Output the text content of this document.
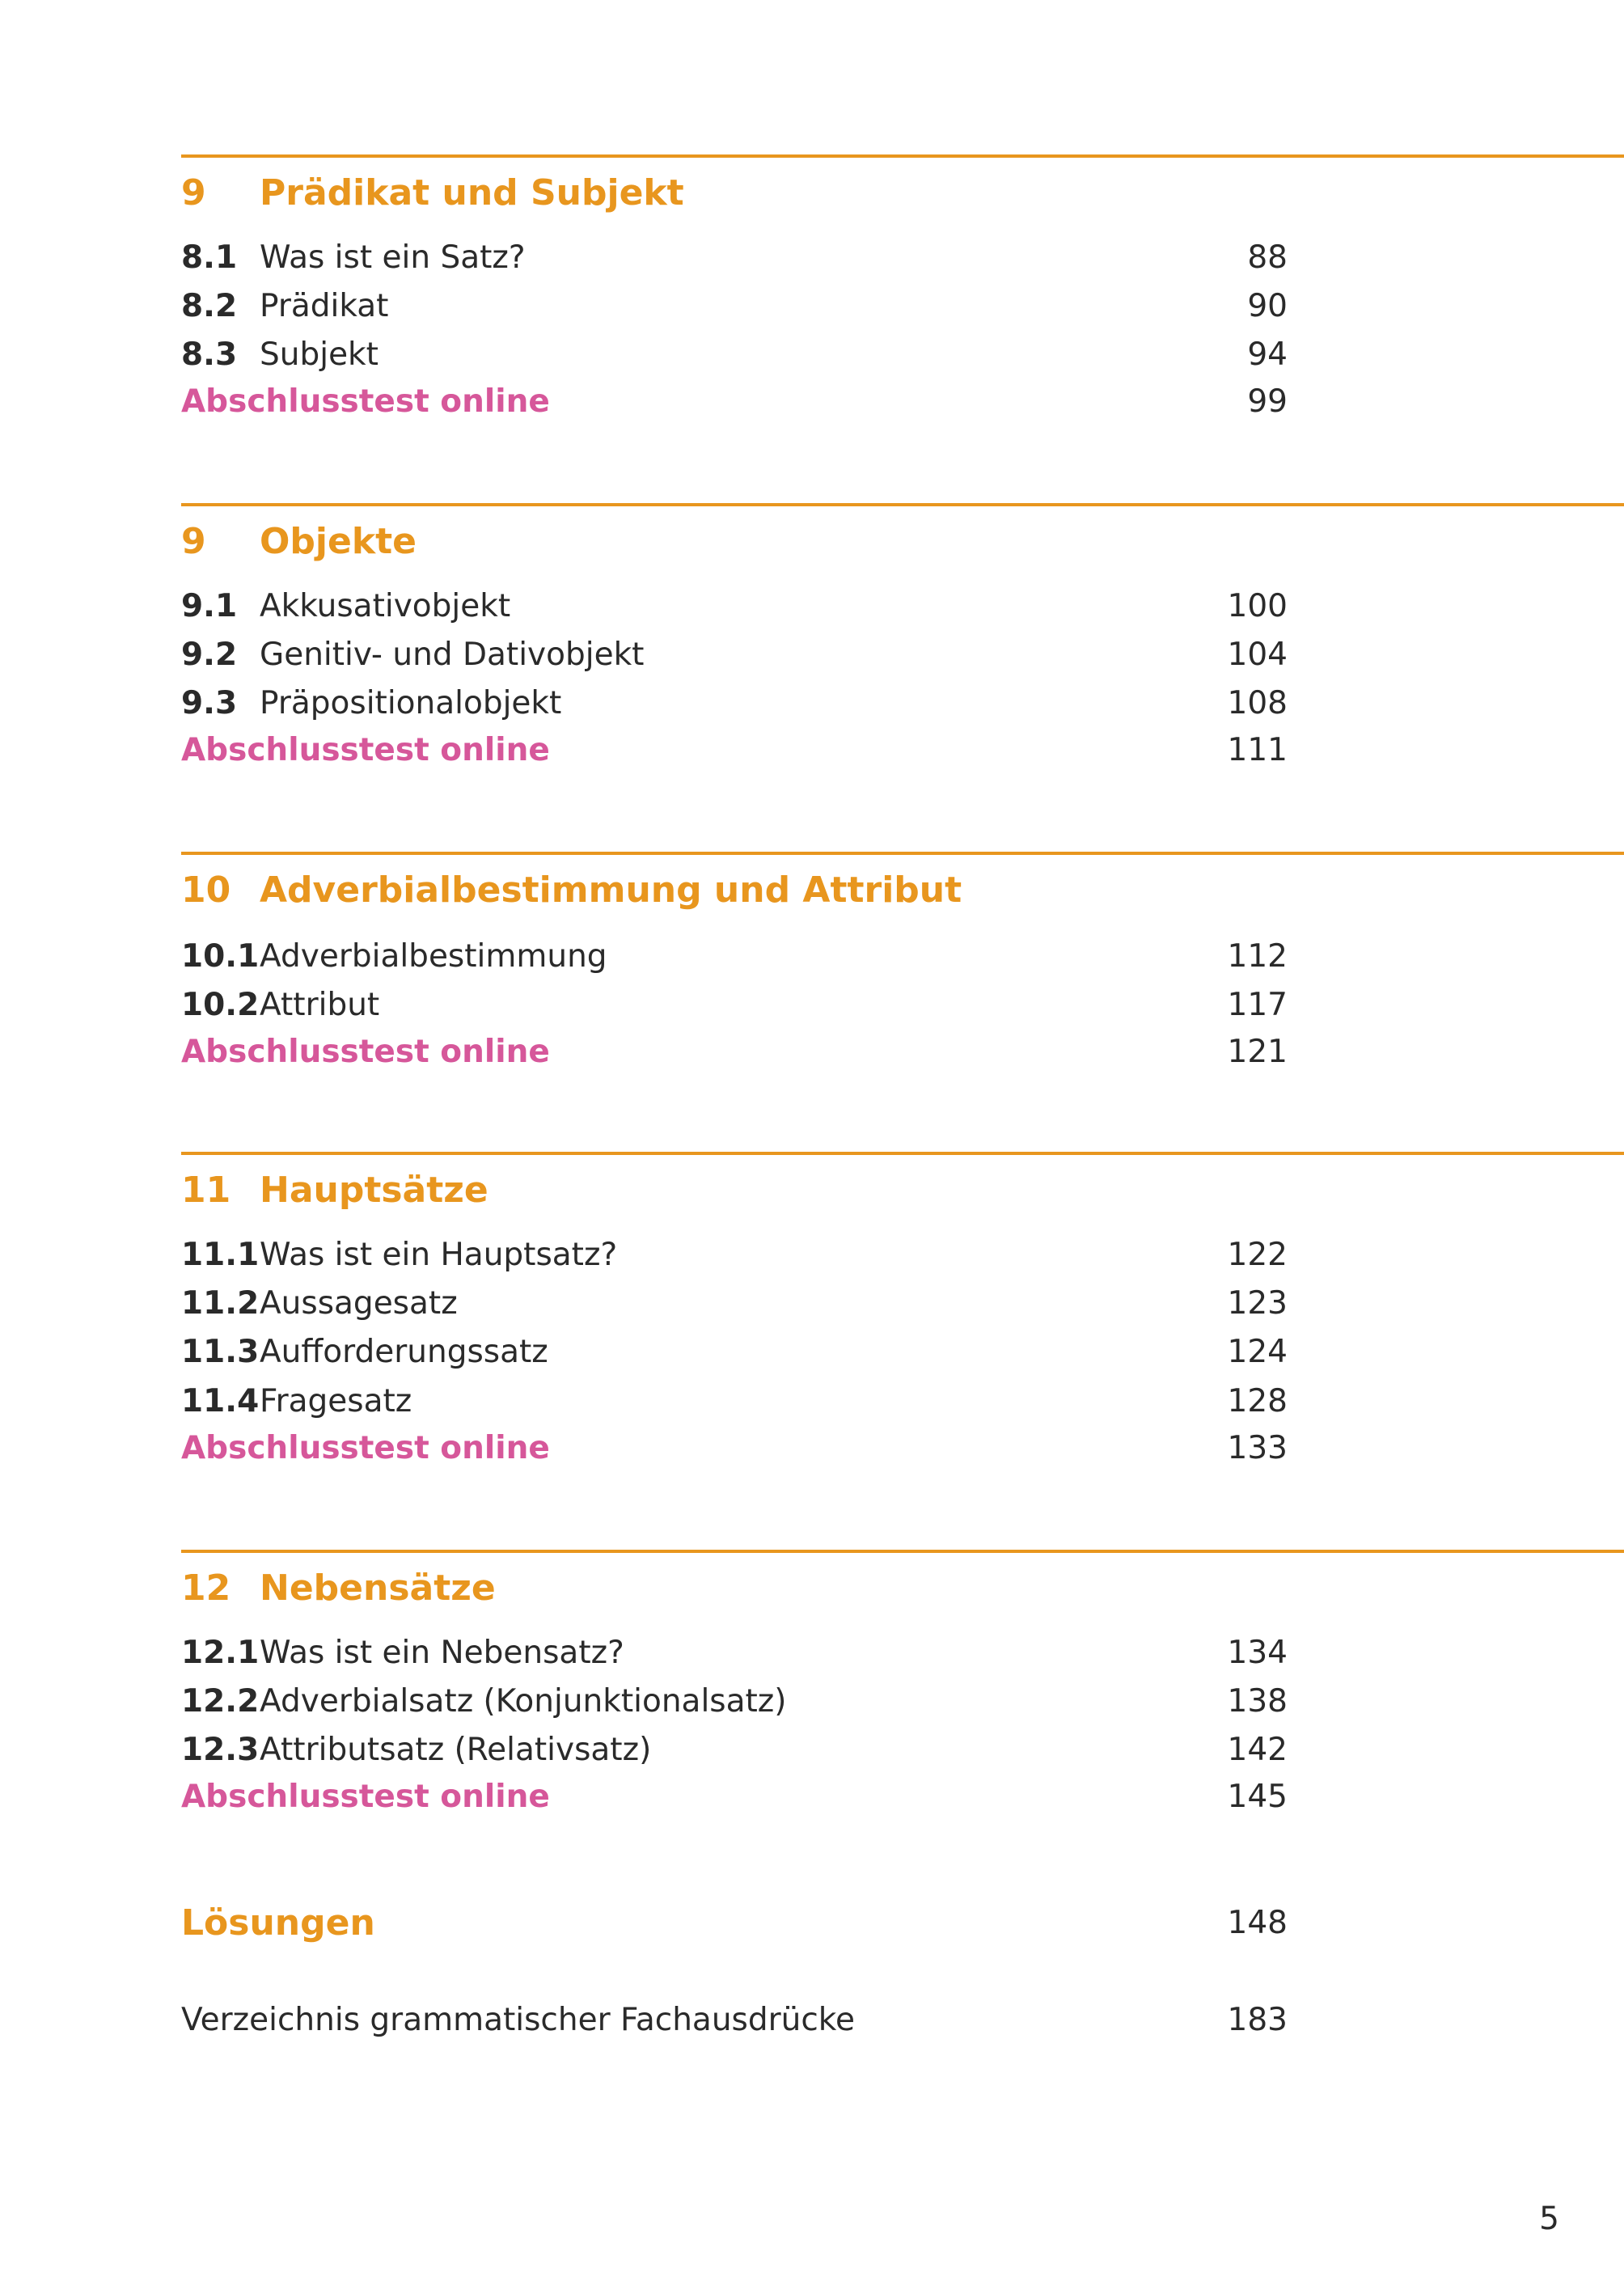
9 Prädikat und Subjekt
8.1 Was ist ein Satz?	88
8.2 Prädikat	90
8.3 Subjekt	94
Abschlusstest online	99
9 Objekte
9.1 Akkusativobjekt	100
9.2 Genitiv- und Dativobjekt	104
9.3 Präpositionalobjekt	108
Abschlusstest online	111
10 Adverbialbestimmung und Attribut
10.1 Adverbialbestimmung	112
10.2 Attribut	117
Abschlusstest online	121
11 Hauptsätze
11.1 Was ist ein Hauptsatz?	122
11.2 Aussagesatz	123
11.3 Aufforderungssatz	124
11.4 Fragesatz	128
Abschlusstest online	133
12 Nebensätze
12.1 Was ist ein Nebensatz?	134
12.2 Adverbialsatz (Konjunktionalsatz)	138
12.3 Attributsatz (Relativsatz)	142
Abschlusstest online	145
Lösungen	148
Verzeichnis grammatischer Fachausdrücke	183
5
